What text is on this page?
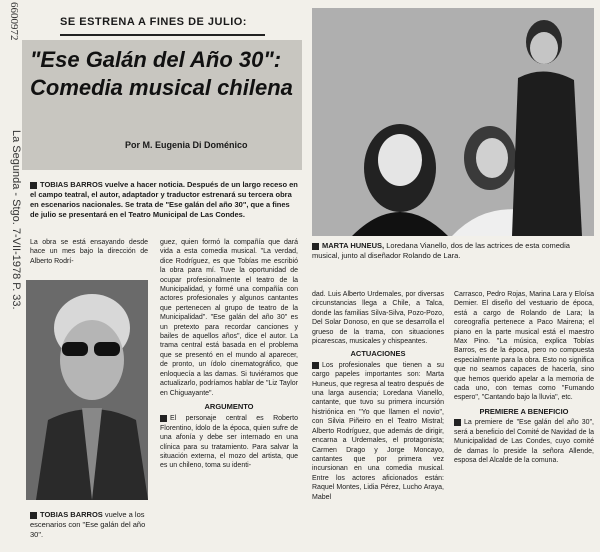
6600972
La Segunda - Stgo. 7-VII-1978 P. 33.
SE ESTRENA A FINES DE JULIO:
"Ese Galán del Año 30":
Comedia musical chilena
Por M. Eugenia Di Doménico
TOBIAS BARROS vuelve a hacer noticia. Después de un largo receso en el campo teatral, el autor, adaptador y traductor estrenará su tercera obra en escenarios nacionales. Se trata de "Ese galán del año 30", que a fines de julio se presentará en el Teatro Municipal de Las Condes.
La obra se está ensayando desde hace un mes bajo la dirección de Alberto Rodrí-
TOBIAS BARROS vuelve a los escenarios con "Ese galán del año 30".
guez, quien formó la compañía que dará vida a esta comedia musical. "La verdad, dice Rodríguez, es que Tobías me escribió la obra para mí. Tuve la oportunidad de ocupar profesionalmente el teatro de la Municipalidad, y formé una compañía con actores profesionales y algunos cantantes que pertenecen al grupo de teatro de la Municipalidad". "Ese galán del año 30" es un pretexto para recordar canciones y bailes de aquellos años", dice el autor. La trama central está basada en el problema que se presentó en el mundo al aparecer, de pronto, un ídolo cinematográfico, que enloquecía a las damas. Si tuviéramos que actualizarlo, podríamos hablar de "Liz Taylor en Chiguayante".
ARGUMENTO
El personaje central es Roberto Florentino, ídolo de la época, quien sufre de una afonía y debe ser internado en una clínica para su tratamiento. Para salvar la situación externa, el mozo del artista, que es un chileno, toma su identi-
MARTA HUNEUS, Loredana Vianello, dos de las actrices de esta comedia musical, junto al diseñador Rolando de Lara.
dad. Luis Alberto Urdemales, por diversas circunstancias llega a Chile, a Talca, donde las familias Silva-Silva, Pozo-Pozo, Del Solar Donoso, en que se desarrolla el grueso de la trama, con situaciones picarescas, musicales y chispeantes.
ACTUACIONES
Los profesionales que tienen a su cargo papeles importantes son: Marta Huneus, que regresa al teatro después de una larga ausencia; Loredana Vianello, cantante, que tuvo su primera incursión histriónica en "Yo que llamen el novio", con Silvia Piñeiro en el Teatro Mistral; Alberto Rodríguez, que además de dirigir, encarna a Urdemales, el protagonista; Carmen Drago y Jorge Moncayo, cantantes que por primera vez incursionan en una comedia musical. Entre los actores aficionados están: Raquel Montes, Lidia Pérez, Lucho Araya, Mabel
Carrasco, Pedro Rojas, Marina Lara y Eloísa Demier. El diseño del vestuario de época, está a cargo de Rolando de Lara; la coreografía pertenece a Paco Mairena; el piano en la parte musical está el maestro Max Pino. "La música, explica Tobías Barros, es de la época, pero no compuesta especialmente para la obra. Esto no significa que no seamos capaces de hacerla, sino que hemos querido apelar a la memoria de cada uno, con temas como "Fumando espero", "Cantando bajo la lluvia", etc.
PREMIERE A BENEFICIO
La premiere de "Ese galán del año 30", será a beneficio del Comité de Navidad de la Municipalidad de Las Condes, cuyo comité de damas lo preside la señora Allende, esposa del Alcalde de la comuna.
